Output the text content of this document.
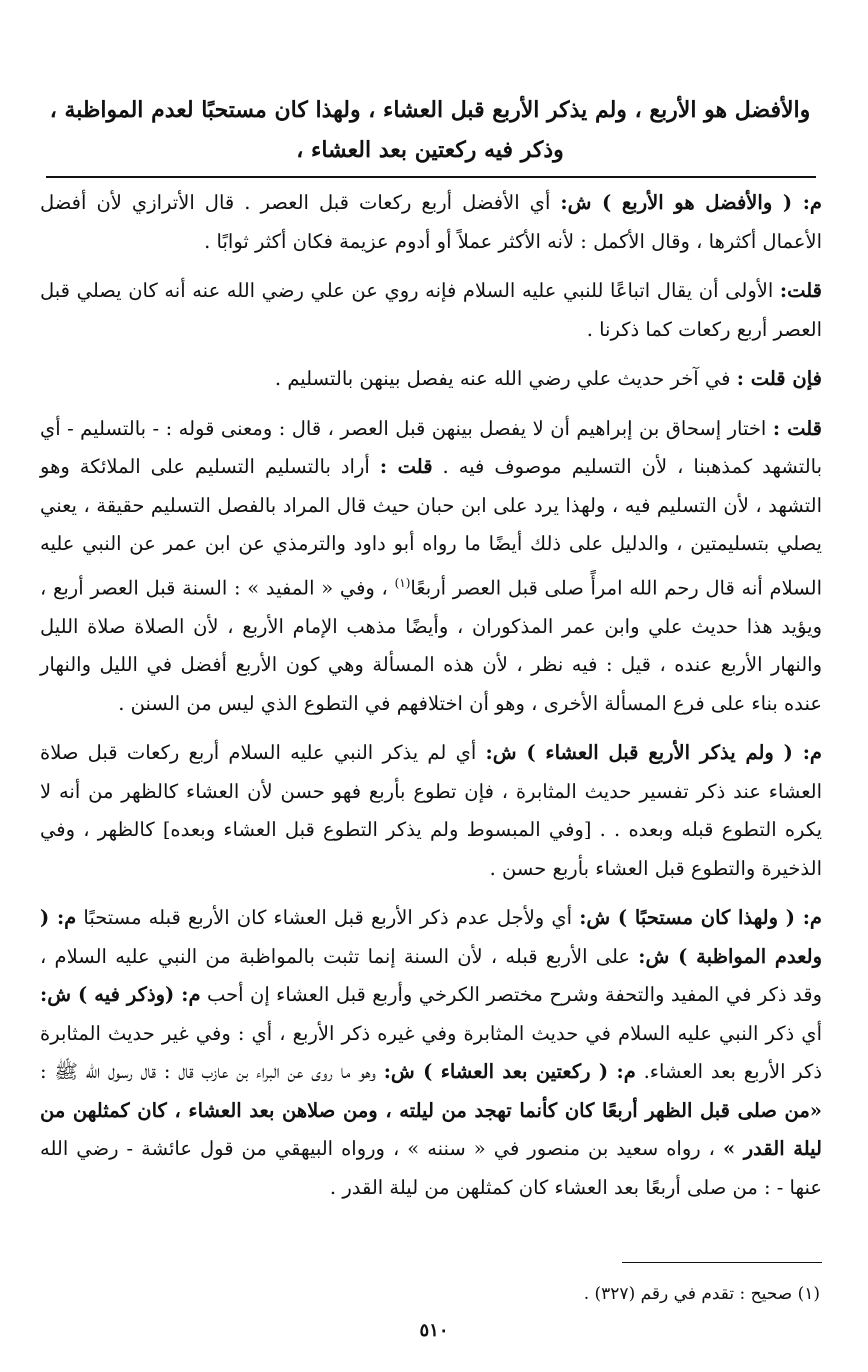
والأفضل هو الأربع ، ولم يذكر الأربع قبل العشاء ، ولهذا كان مستحبًا لعدم المواظبة ، وذكر فيه ركعتين بعد العشاء ،

م: ( والأفضل هو الأربع ) ش: أي الأفضل أربع ركعات قبل العصر . قال الأترازي لأن أفضل الأعمال أكثرها ، وقال الأكمل : لأنه الأكثر عملاً أو أدوم عزيمة فكان أكثر ثوابًا .

قلت: الأولى أن يقال اتباعًا للنبي عليه السلام فإنه روي عن علي رضي الله عنه أنه كان يصلي قبل العصر أربع ركعات كما ذكرنا .

فإن قلت : في آخر حديث علي رضي الله عنه يفصل بينهن بالتسليم .

قلت : اختار إسحاق بن إبراهيم أن لا يفصل بينهن قبل العصر ، قال : ومعنى قوله : - بالتسليم - أي بالتشهد كمذهبنا ، لأن التسليم موصوف فيه . قلت : أراد بالتسليم التسليم على الملائكة وهو التشهد ، لأن التسليم فيه ، ولهذا يرد على ابن حبان حيث قال المراد بالفصل التسليم حقيقة ، يعني يصلي بتسليمتين ، والدليل على ذلك أيضًا ما رواه أبو داود والترمذي عن ابن عمر عن النبي عليه السلام أنه قال رحم الله امرأً صلى قبل العصر أربعًا$^{(١)}$ ، وفي « المفيد » : السنة قبل العصر أربع ، ويؤيد هذا حديث علي وابن عمر المذكوران ، وأيضًا مذهب الإمام الأربع ، لأن الصلاة صلاة الليل والنهار الأربع عنده ، قيل : فيه نظر ، لأن هذه المسألة وهي كون الأربع أفضل في الليل والنهار عنده بناء على فرع المسألة الأخرى ، وهو أن اختلافهم في التطوع الذي ليس من السنن .

م: ( ولم يذكر الأربع قبل العشاء ) ش: أي لم يذكر النبي عليه السلام أربع ركعات قبل صلاة العشاء عند ذكر تفسير حديث المثابرة ، فإن تطوع بأربع فهو حسن لأن العشاء كالظهر من أنه لا يكره التطوع قبله وبعده . . [وفي المبسوط ولم يذكر التطوع قبل العشاء وبعده] كالظهر ، وفي الذخيرة والتطوع قبل العشاء بأربع حسن .

م: ( ولهذا كان مستحبًا ) ش: أي ولأجل عدم ذكر الأربع قبل العشاء كان الأربع قبله مستحبًا م: ( ولعدم المواظبة ) ش: على الأربع قبله ، لأن السنة إنما تثبت بالمواظبة من النبي عليه السلام ، وقد ذكر في المفيد والتحفة وشرح مختصر الكرخي وأربع قبل العشاء إن أحب م: (وذكر فيه ) ش: أي ذكر النبي عليه السلام في حديث المثابرة وفي غيره ذكر الأربع ، أي : وفي غير حديث المثابرة ذكر الأربع بعد العشاء. م: ( ركعتين بعد العشاء ) ش: وهو ما روى عن البراء بن عازب قال : قال رسول الله ﷺ : «من صلى قبل الظهر أربعًا كان كأنما تهجد من ليلته ، ومن صلاهن بعد العشاء ، كان كمثلهن من ليلة القدر » ، رواه سعيد بن منصور في « سننه » ، ورواه البيهقي من قول عائشة - رضي الله عنها - : من صلى أربعًا بعد العشاء كان كمثلهن من ليلة القدر .

(١) صحيح : تقدم في رقم (٣٢٧) .
٥١٠
